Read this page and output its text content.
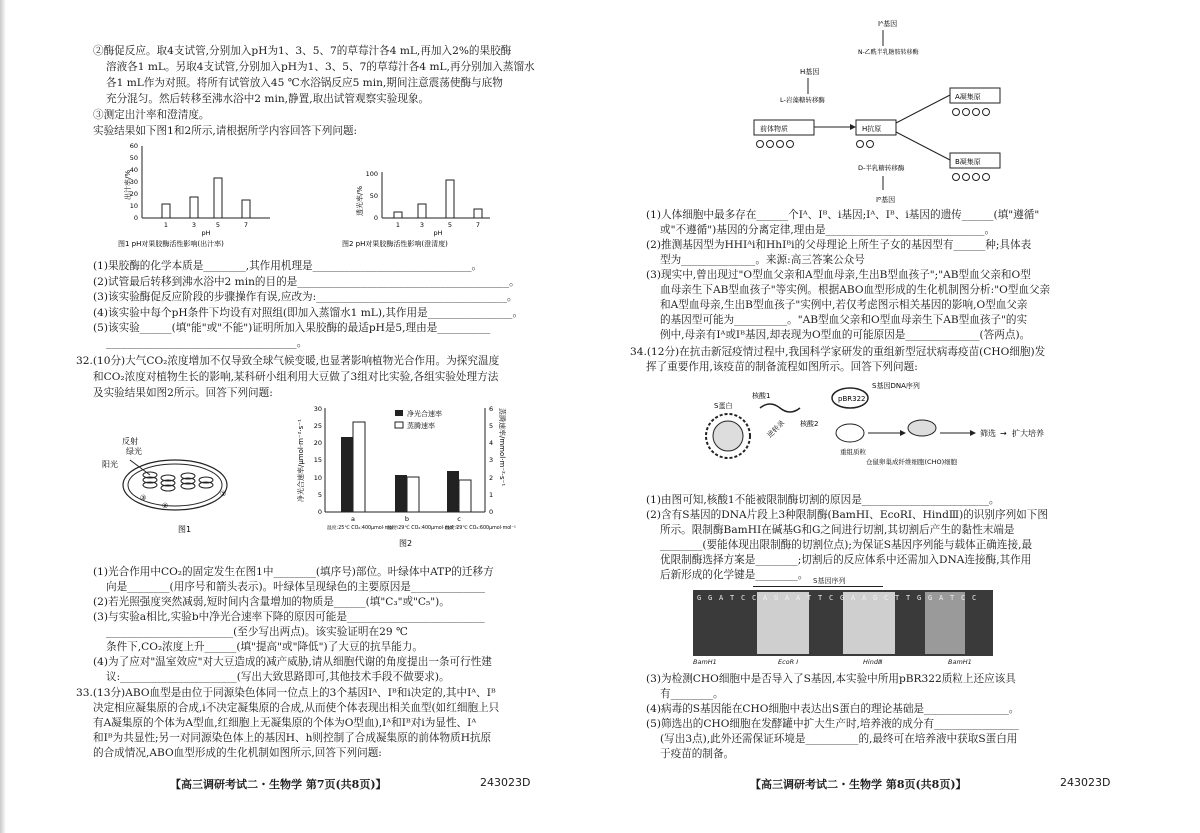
②酶促反应。取4支试管,分别加入pH为1、3、5、7的草莓汁各4 mL,再加入2%的果胶酶
溶液各1 mL。另取4支试管,分别加入pH为1、3、5、7的草莓汁各4 mL,再分别加入蒸馏水
各1 mL作为对照。将所有试管放入45 ℃水浴锅反应5 min,期间注意震荡使酶与底物
充分混匀。然后转移至沸水浴中2 min,静置,取出试管观察实验现象。
③测定出汁率和澄清度。
实验结果如下图1和2所示,请根据所学内容回答下列问题:
出汁率/%
0
10
20
30
40
50
60
1	3	5	7
pH
图1 pH对果胶酶活性影响(出汁率)
透光率/%
0
50
100
1	3	5	7
pH
图2 pH对果胶酶活性影响(澄清度)
(1)果胶酶的化学本质是________,其作用机理是______________________________。
(2)试管最后转移到沸水浴中2 min的目的是________________________________________。
(3)该实验酶促反应阶段的步骤操作有误,应改为:____________________________________。
(4)该实验中每个pH条件下均设有对照组(即加入蒸馏水1 mL),其作用是________________。
(5)该实验______(填"能"或"不能")证明所加入果胶酶的最适pH是5,理由是__________
____________________________________。
32.(10分)大气CO₂浓度增加不仅导致全球气候变暖,也显著影响植物光合作用。为探究温度
和CO₂浓度对植物生长的影响,某科研小组利用大豆做了3组对比实验,各组实验处理方法
及实验结果如图2所示。回答下列问题:
反射
绿光
阳光
①
②
③
图1
净光合速率/μmol·m⁻²·s⁻¹	蒸腾速率/mmol·m⁻²·s⁻¹
0
5
10
15
20
25
30
0
1
2
3
4
5
6
净光合速率
蒸腾速率
a	b	c
温度:25℃ CO₂:400μmol·mol⁻¹
温度:29℃ CO₂:400μmol·mol⁻¹
温度:29℃ CO₂:600μmol·mol⁻¹
图2
(1)光合作用中CO₂的固定发生在图1中________(填序号)部位。叶绿体中ATP的迁移方
向是________(用序号和箭头表示)。叶绿体呈现绿色的主要原因是______________
(2)若光照强度突然减弱,短时间内含量增加的物质是______(填"C₃"或"C₅")。
(3)与实验a相比,实验b中净光合速率下降的原因可能是__________________________
________________________(至少写出两点)。该实验证明在29 ℃
条件下,CO₂浓度上升______(填"提高"或"降低")了大豆的抗旱能力。
(4)为了应对"温室效应"对大豆造成的减产威胁,请从细胞代谢的角度提出一条可行性建
议:______________________(写出大致思路即可,其他技术手段不做要求)。
33.(13分)ABO血型是由位于同源染色体同一位点上的3个基因Iᴬ、Iᴮ和i决定的,其中Iᴬ、Iᴮ
决定相应凝集原的合成,i不决定凝集原的合成,从而使个体表现出相关血型(如红细胞上只
有A凝集原的个体为A型血,红细胞上无凝集原的个体为O型血),Iᴬ和Iᴮ对i为显性、Iᴬ
和Iᴮ为共显性;另一对同源染色体上的基因H、h则控制了合成凝集原的前体物质H抗原
的合成情况,ABO血型形成的生化机制如图所示,回答下列问题:
【高三调研考试二・生物学 第7页(共8页)】	243023D
Iᴬ基因
H基因
L-岩藻糖转移酶
N-乙酰半乳糖胺转移酶
前体物质	H抗原
A凝集原
B凝集原
D-半乳糖转移酶
Iᴮ基因
(1)人体细胞中最多存在______个Iᴬ、Iᴮ、i基因;Iᴬ、Iᴮ、i基因的遗传______(填"遵循"
或"不遵循")基因的分离定律,理由是______________________________。
(2)推测基因型为HHIᴬi和HhIᴮi的父母理论上所生子女的基因型有______种;具体表
型为______________。来源:高三答案公众号
(3)现实中,曾出现过"O型血父亲和A型血母亲,生出B型血孩子";"AB型血父亲和O型
血母亲生下AB型血孩子"等实例。根据ABO血型形成的生化机制图分析:"O型血父亲
和A型血母亲,生出B型血孩子"实例中,若仅考虑图示相关基因的影响,O型血父亲
的基因型可能为__________。"AB型血父亲和O型血母亲生下AB型血孩子"的实
例中,母亲有Iᴬ或Iᴮ基因,却表现为O型血的可能原因是______________(答两点)。
34.(12分)在抗击新冠疫情过程中,我国科学家研发的重组新型冠状病毒疫苗(CHO细胞)发
挥了重要作用,该疫苗的制备流程如图所示。回答下列问题:
S蛋白
核酸1
逆转录 核酸2
pBR322
S基因DNA序列
重组质粒
仓鼠卵巢成纤维细胞(CHO)细胞
筛选 → 扩大培养
(1)由图可知,核酸1不能被限制酶切割的原因是________________________。
(2)含有S基因的DNA片段上3种限制酶(BamHⅠ、EcoRⅠ、HindⅢ)的识别序列如下图
所示。限制酶BamHⅠ在碱基G和G之间进行切割,其切割后产生的黏性末端是
________(要能体现出限制酶的切割位点);为保证S基因序列能与载体正确连接,最
优限制酶选择方案是________;切割后的反应体系中还需加入DNA连接酶,其作用
后新形成的化学键是________。 S基因序列
BamH1	EcoR Ⅰ	HindⅢ	BamH1
G G A T C C A G A A T T C G A A G C T T G G A T C C
(3)为检测CHO细胞中是否导入了S基因,本实验中所用pBR322质粒上还应该具
有________。
(4)病毒的S基因能在CHO细胞中表达出S蛋白的理论基础是________________。
(5)筛选出的CHO细胞在发酵罐中扩大生产时,培养液的成分有________________
(写出3点),此外还需保证环境是__________的,最终可在培养液中获取S蛋白用
于疫苗的制备。
【高三调研考试二・生物学 第8页(共8页)】	243023D
